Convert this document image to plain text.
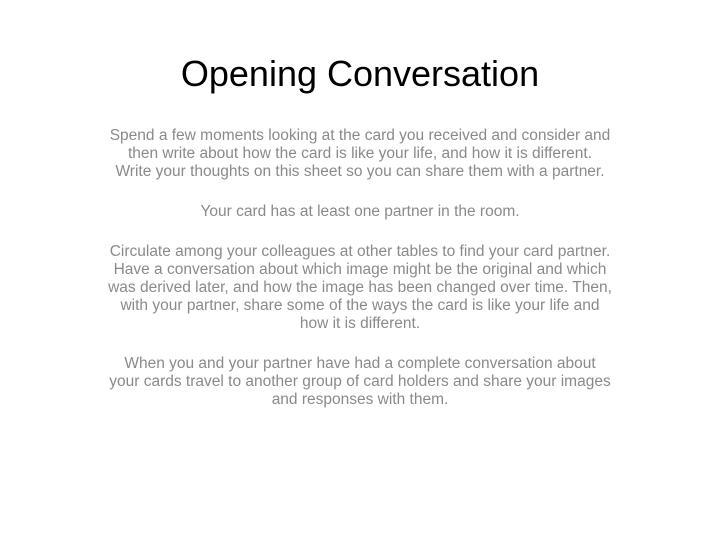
Opening Conversation

Spend a few moments looking at the card you received and consider and then write about how the card is like your life, and how it is different. Write your thoughts on this sheet so you can share them with a partner.

Your card has at least one partner in the room.

Circulate among your colleagues at other tables to find your card partner. Have a conversation about which image might be the original and which was derived later, and how the image has been changed over time. Then, with your partner, share some of the ways the card is like your life and how it is different.

When you and your partner have had a complete conversation about your cards travel to another group of card holders and share your images and responses with them.
